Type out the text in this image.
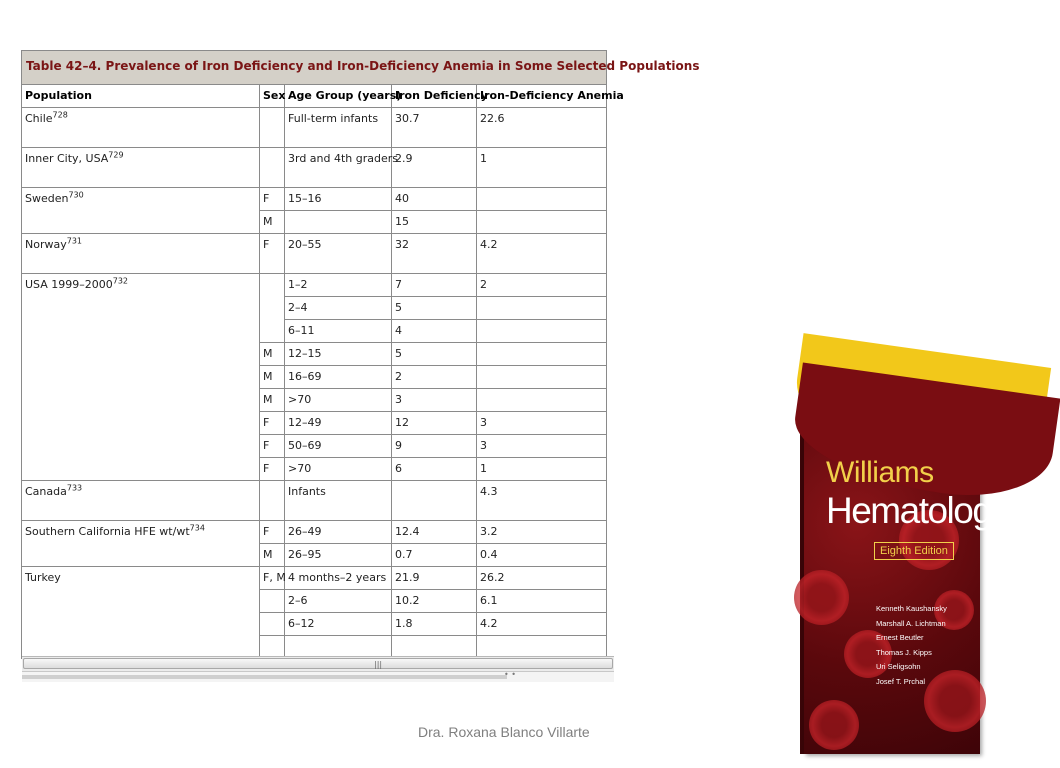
Table 42–4. Prevalence of Iron Deficiency and Iron-Deficiency Anemia in Some Selected Populations				
Population	Sex	Age Group (years)	Iron Deficiency	Iron-Deficiency Anemia
Chile$^{728}$		Full-term infants	30.7	22.6
Inner City, USA$^{729}$		3rd and 4th graders	2.9	1
Sweden$^{730}$	F	15–16	40	
	M		15	
Norway$^{731}$	F	20–55	32	4.2
USA 1999–2000$^{732}$		1–2	7	2
		2–4	5	
		6–11	4	
	M	12–15	5	
	M	16–69	2	
	M	>70	3	
	F	12–49	12	3
	F	50–69	9	3
	F	>70	6	1
Canada$^{733}$		Infants		4.3
Southern California HFE $wt/wt^{734}$	F	26–49	12.4	3.2
	M	26–95	0.7	0.4
Turkey	F, M	4 months–2 years	21.9	26.2
		2–6	10.2	6.1
		6–12	1.8	4.2

|||
• •
Dra. Roxana Blanco Villarte
Williams
Hematology
Eighth Edition
Kenneth Kaushansky
Marshall A. Lichtman
Ernest Beutler
Thomas J. Kipps
Uri Seligsohn
Josef T. Prchal
